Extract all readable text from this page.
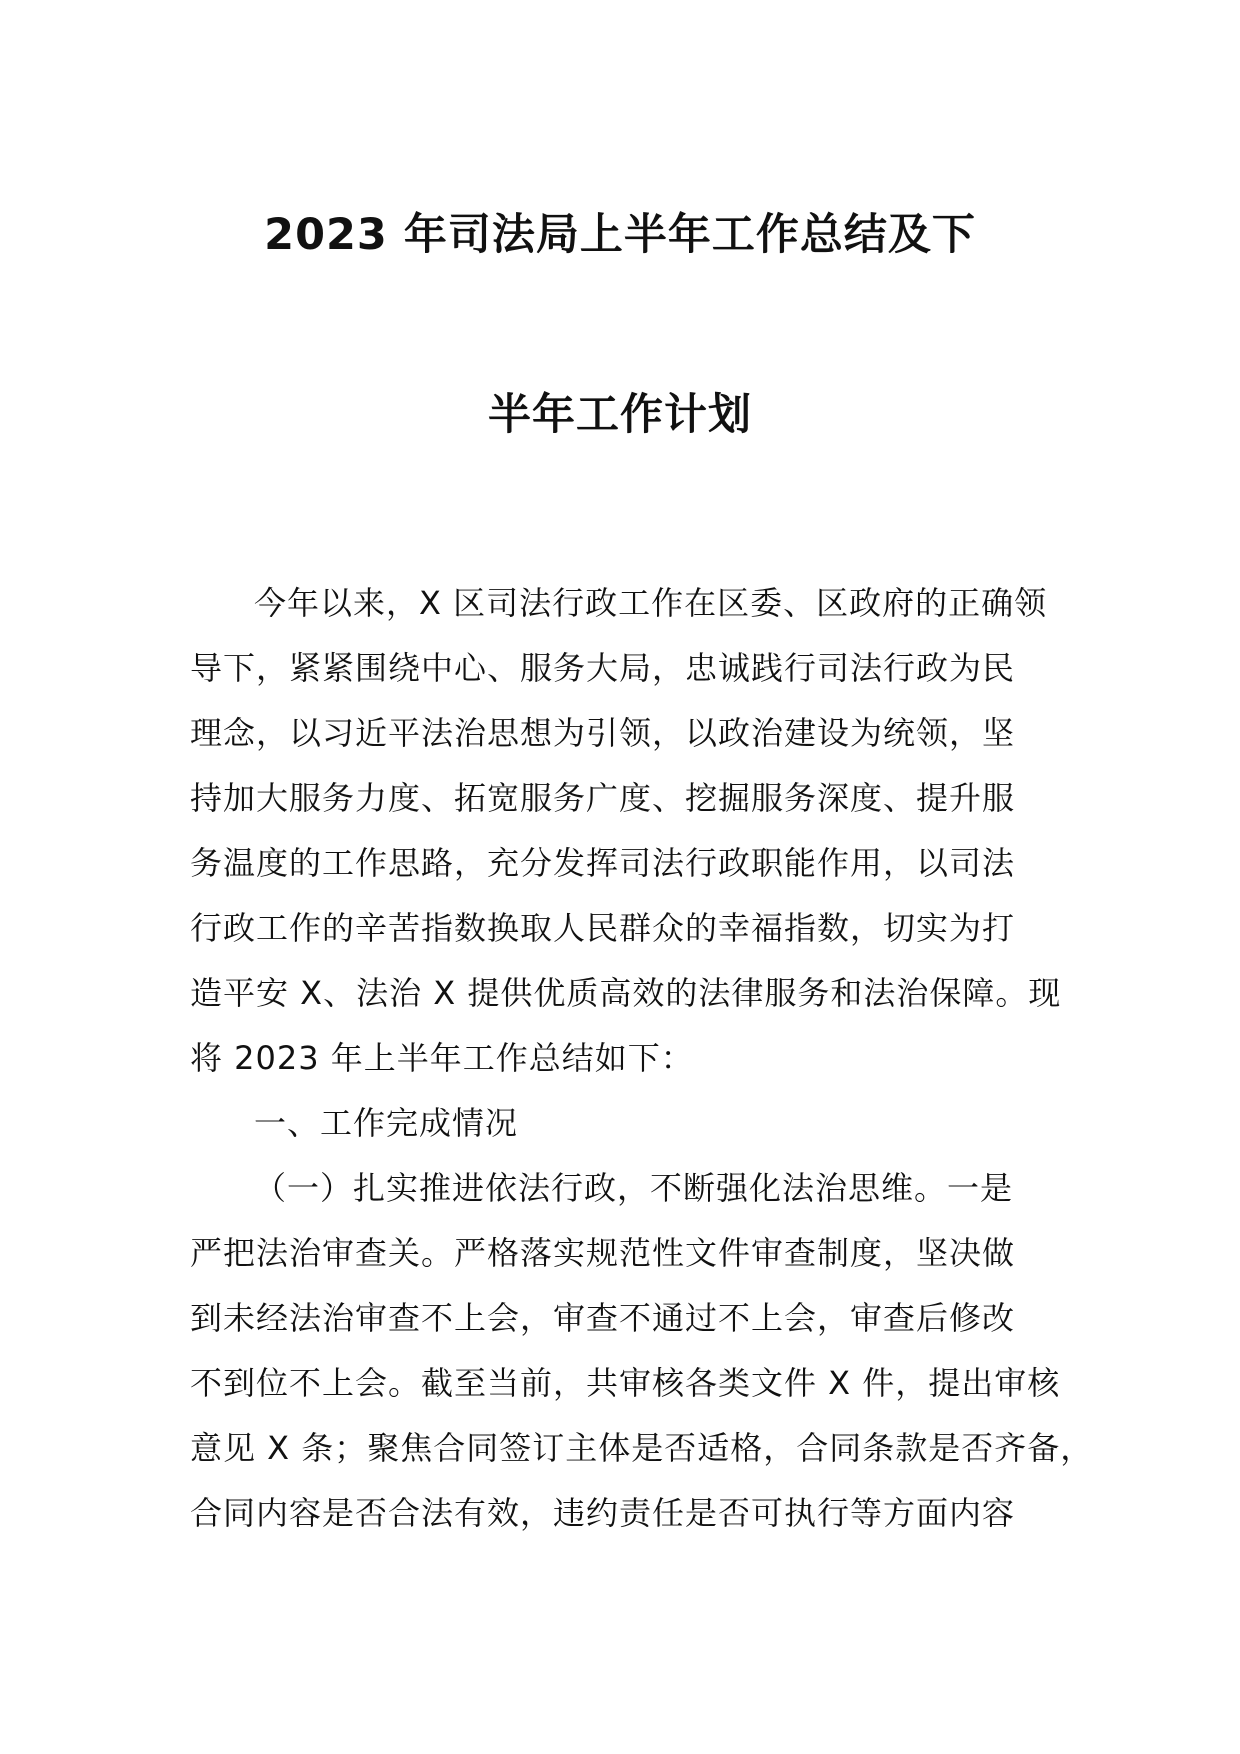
2023 年司法局上半年工作总结及下
半年工作计划
今年以来，X 区司法行政工作在区委、区政府的正确领
导下，紧紧围绕中心、服务大局，忠诚践行司法行政为民
理念，以习近平法治思想为引领，以政治建设为统领，坚
持加大服务力度、拓宽服务广度、挖掘服务深度、提升服
务温度的工作思路，充分发挥司法行政职能作用，以司法
行政工作的辛苦指数换取人民群众的幸福指数，切实为打
造平安 X、法治 X 提供优质高效的法律服务和法治保障。现
将 2023 年上半年工作总结如下：
一、工作完成情况
（一）扎实推进依法行政，不断强化法治思维。一是
严把法治审查关。严格落实规范性文件审查制度，坚决做
到未经法治审查不上会，审查不通过不上会，审查后修改
不到位不上会。截至当前，共审核各类文件 X 件，提出审核
意见 X 条；聚焦合同签订主体是否适格，合同条款是否齐备，
合同内容是否合法有效，违约责任是否可执行等方面内容
